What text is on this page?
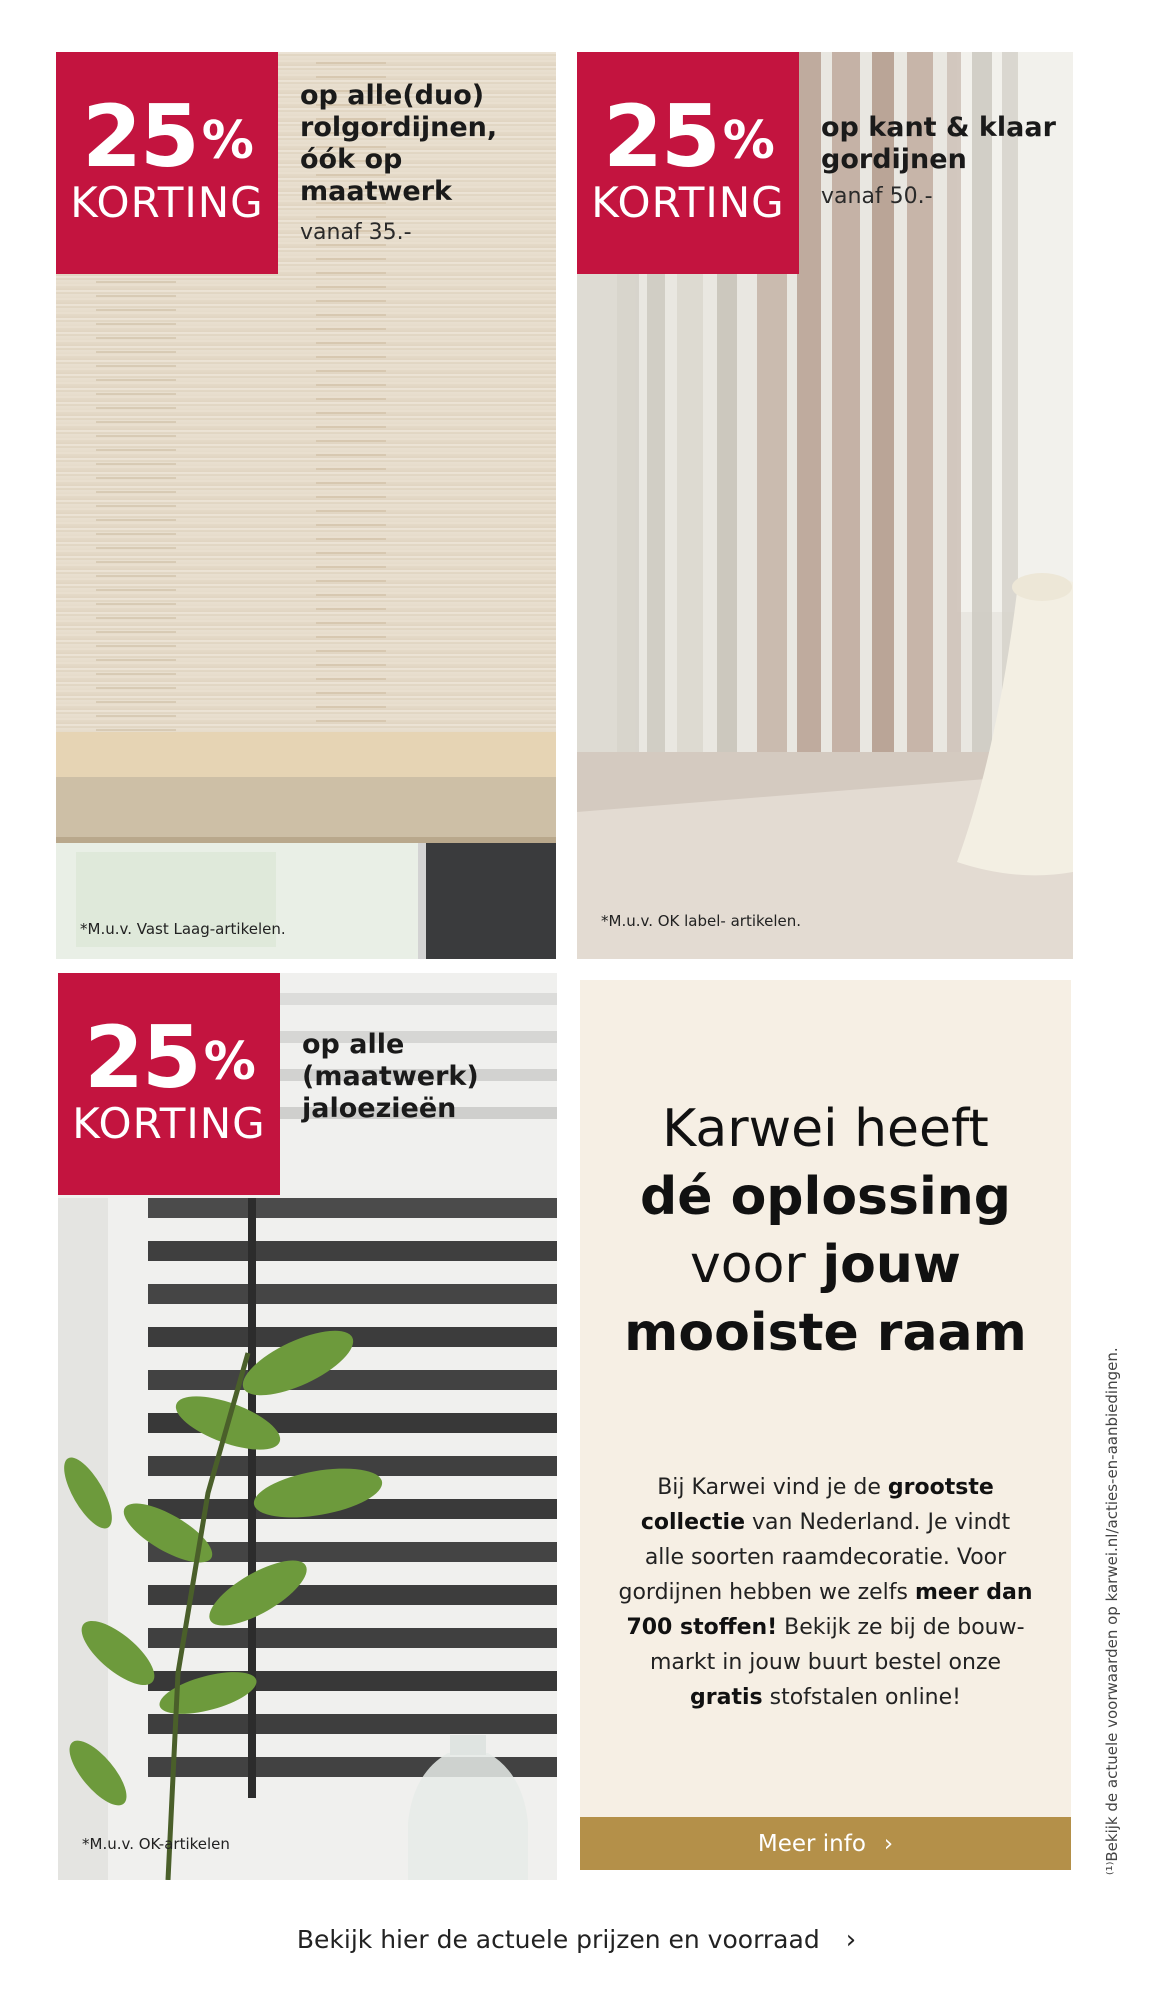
25%
KORTING
op alle(duo)
rolgordijnen,
óók op
maatwerk
vanaf 35.-
*M.u.v. Vast Laag-artikelen.
25%
KORTING
op kant & klaar
gordijnen
vanaf 50.-
*M.u.v. OK label- artikelen.
25%
KORTING
op alle
(maatwerk)
jaloezieën
*M.u.v. OK-artikelen
Karwei heeft
dé oplossing
voor jouw
mooiste raam
Bij Karwei vind je de grootste
collectie van Nederland. Je vindt
alle soorten raamdecoratie. Voor
gordijnen hebben we zelfs meer dan
700 stoffen! Bekijk ze bij de bouw-
markt in jouw buurt bestel onze
gratis stofstalen online!
Meer info ›	⁽¹⁾Bekijk de actuele voorwaarden op karwei.nl/acties-en-aanbiedingen.
Bekijk hier de actuele prijzen en voorraad ›
